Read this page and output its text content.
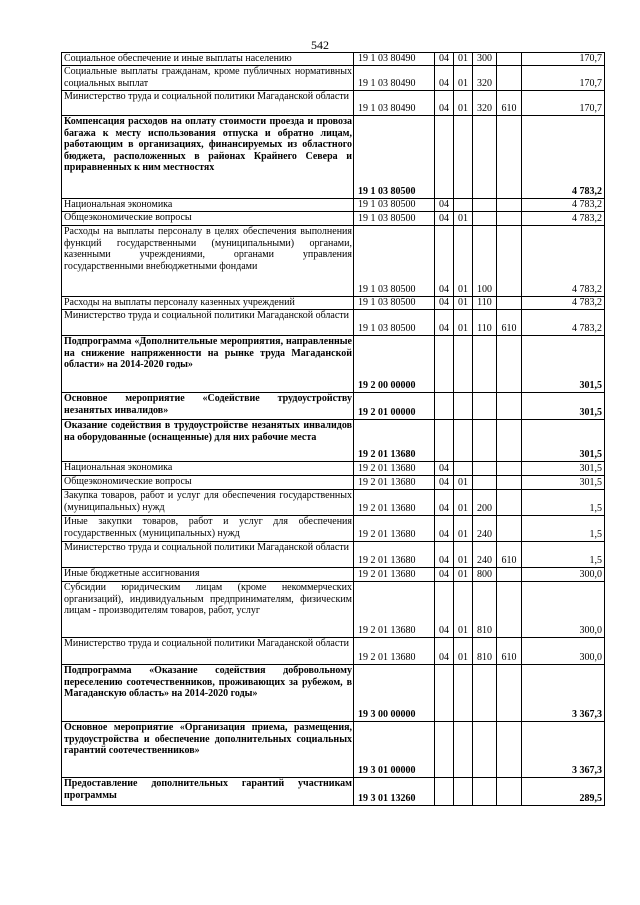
542
Социальное обеспечение и иные выплаты населению	19 1 03 80490	04	01	300		170,7
Социальные выплаты гражданам, кроме публичных нормативных социальных выплат	19 1 03 80490	04	01	320		170,7
Министерство труда и социальной политики Магаданской области	19 1 03 80490	04	01	320	610	170,7
Компенсация расходов на оплату стоимости проезда и провоза багажа к месту использования отпуска и обратно лицам, работающим в организациях, финансируемых из областного бюджета, расположенных в районах Крайнего Севера и приравненных к ним местностях	19 1 03 80500					4 783,2
Национальная экономика	19 1 03 80500	04				4 783,2
Общеэкономические вопросы	19 1 03 80500	04	01			4 783,2
Расходы на выплаты персоналу в целях обеспечения выполнения функций государственными (муниципальными) органами, казенными учреждениями, органами управления государственными внебюджетными фондами	19 1 03 80500	04	01	100		4 783,2
Расходы на выплаты персоналу казенных учреждений	19 1 03 80500	04	01	110		4 783,2
Министерство труда и социальной политики Магаданской области	19 1 03 80500	04	01	110	610	4 783,2
Подпрограмма «Дополнительные мероприятия, направленные на снижение напряженности на рынке труда Магаданской области» на 2014-2020 годы»	19 2 00 00000					301,5
Основное мероприятие «Содействие трудоустройству незанятых инвалидов»	19 2 01 00000					301,5
Оказание содействия в трудоустройстве незанятых инвалидов на оборудованные (оснащенные) для них рабочие места	19 2 01 13680					301,5
Национальная экономика	19 2 01 13680	04				301,5
Общеэкономические вопросы	19 2 01 13680	04	01			301,5
Закупка товаров, работ и услуг для обеспечения государственных (муниципальных) нужд	19 2 01 13680	04	01	200		1,5
Иные закупки товаров, работ и услуг для обеспечения государственных (муниципальных) нужд	19 2 01 13680	04	01	240		1,5
Министерство труда и социальной политики Магаданской области	19 2 01 13680	04	01	240	610	1,5
Иные бюджетные ассигнования	19 2 01 13680	04	01	800		300,0
Субсидии юридическим лицам (кроме некоммерческих организаций), индивидуальным предпринимателям, физическим лицам - производителям товаров, работ, услуг	19 2 01 13680	04	01	810		300,0
Министерство труда и социальной политики Магаданской области	19 2 01 13680	04	01	810	610	300,0
Подпрограмма «Оказание содействия добровольному переселению соотечественников, проживающих за рубежом, в Магаданскую область» на 2014-2020 годы»	19 3 00 00000					3 367,3
Основное мероприятие «Организация приема, размещения, трудоустройства и обеспечение дополнительных социальных гарантий соотечественников»	19 3 01 00000					3 367,3
Предоставление дополнительных гарантий участникам программы	19 3 01 13260					289,5
